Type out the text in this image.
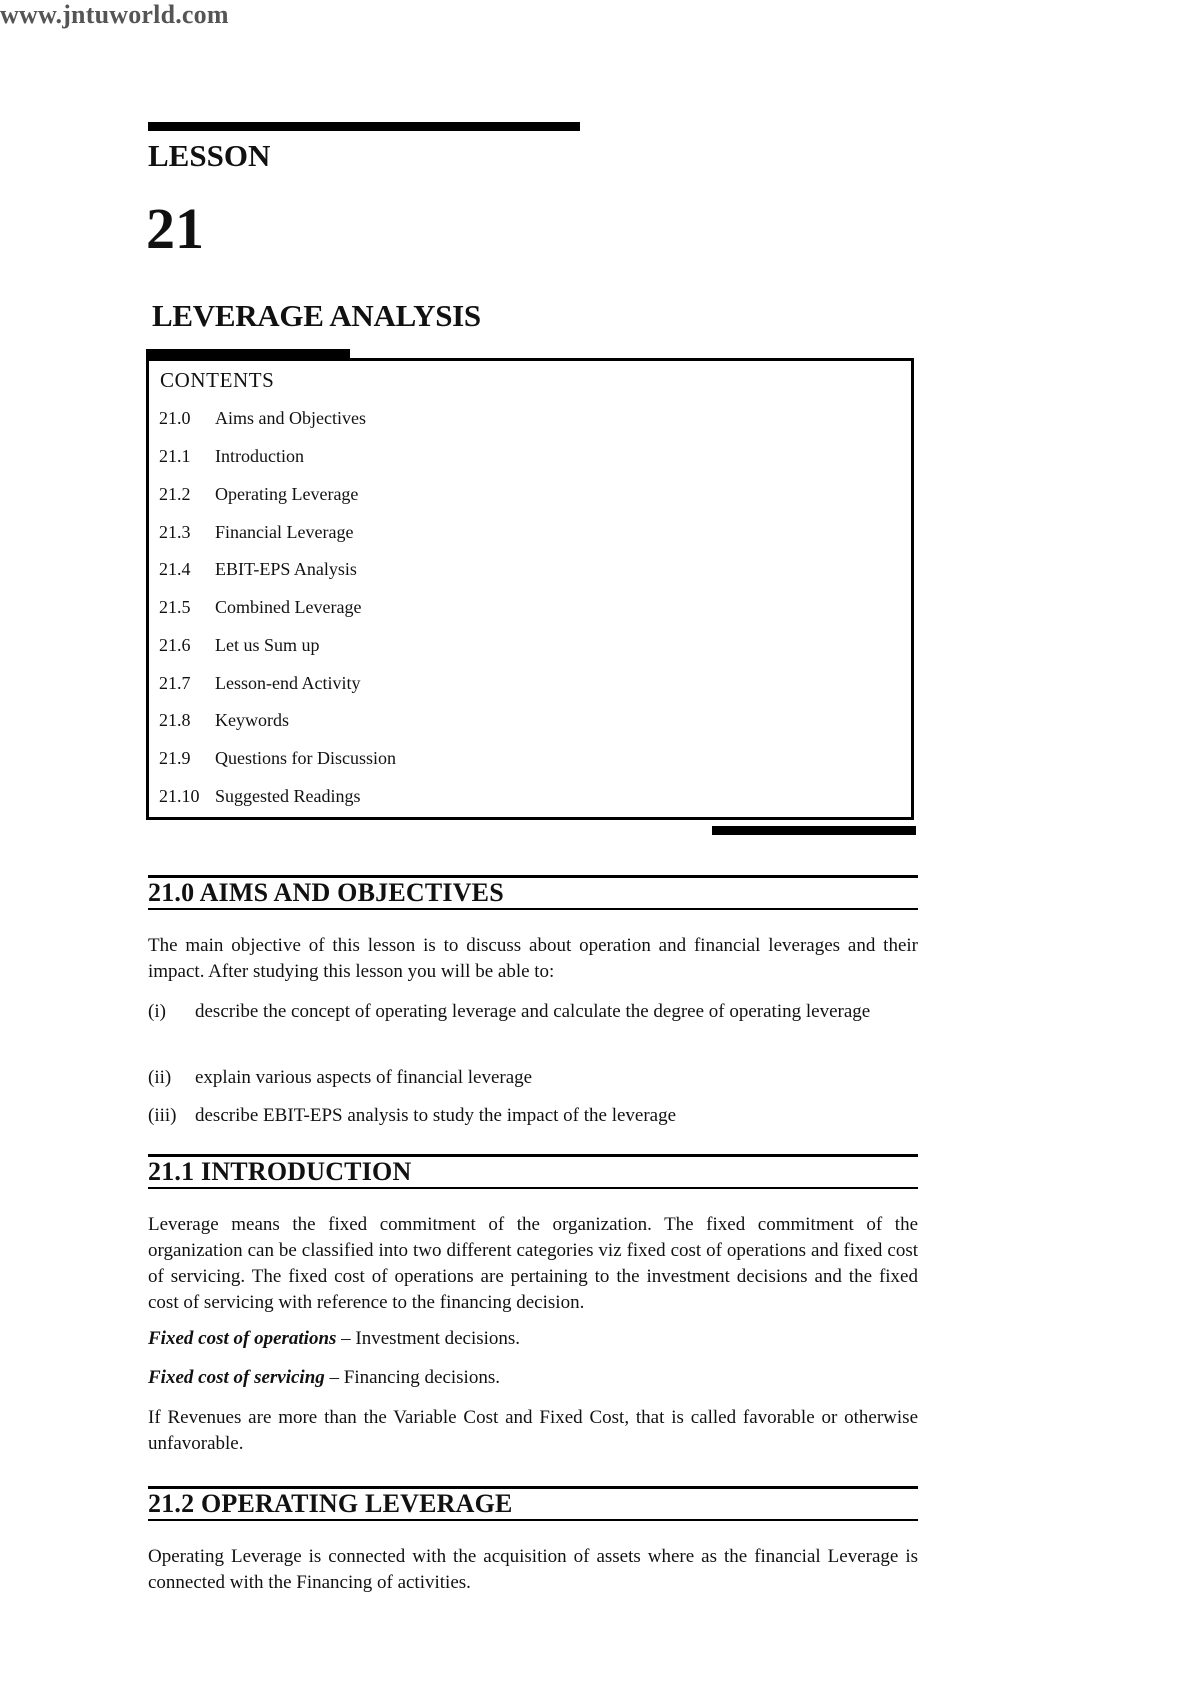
www.jntuworld.com
LESSON
21
LEVERAGE ANALYSIS
CONTENTS
21.0 Aims and Objectives
21.1 Introduction
21.2 Operating Leverage
21.3 Financial Leverage
21.4 EBIT-EPS Analysis
21.5 Combined Leverage
21.6 Let us Sum up
21.7 Lesson-end Activity
21.8 Keywords
21.9 Questions for Discussion
21.10 Suggested Readings
21.0 AIMS AND OBJECTIVES
The main objective of this lesson is to discuss about operation and financial leverages and their impact. After studying this lesson you will be able to:
(i) describe the concept of operating leverage and calculate the degree of operating leverage
(ii) explain various aspects of financial leverage
(iii) describe EBIT-EPS analysis to study the impact of the leverage
21.1 INTRODUCTION
Leverage means the fixed commitment of the organization. The fixed commitment of the organization can be classified into two different categories viz fixed cost of operations and fixed cost of servicing. The fixed cost of operations are pertaining to the investment decisions and the fixed cost of servicing with reference to the financing decision.
Fixed cost of operations – Investment decisions.
Fixed cost of servicing – Financing decisions.
If Revenues are more than the Variable Cost and Fixed Cost, that is called favorable or otherwise unfavorable.
21.2 OPERATING LEVERAGE
Operating Leverage is connected with the acquisition of assets where as the financial Leverage is connected with the Financing of activities.
